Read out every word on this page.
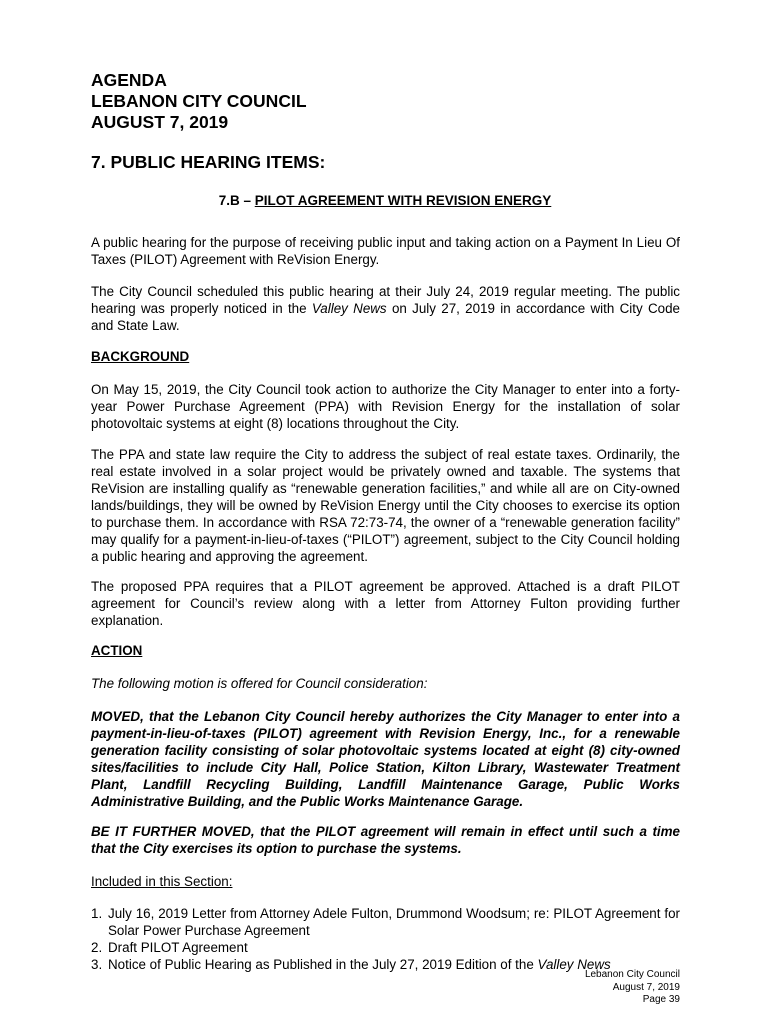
AGENDA
LEBANON CITY COUNCIL
AUGUST 7, 2019
7. PUBLIC HEARING ITEMS:
7.B – PILOT AGREEMENT WITH REVISION ENERGY
A public hearing for the purpose of receiving public input and taking action on a Payment In Lieu Of Taxes (PILOT) Agreement with ReVision Energy.
The City Council scheduled this public hearing at their July 24, 2019 regular meeting. The public hearing was properly noticed in the Valley News on July 27, 2019 in accordance with City Code and State Law.
BACKGROUND
On May 15, 2019, the City Council took action to authorize the City Manager to enter into a forty-year Power Purchase Agreement (PPA) with Revision Energy for the installation of solar photovoltaic systems at eight (8) locations throughout the City.
The PPA and state law require the City to address the subject of real estate taxes. Ordinarily, the real estate involved in a solar project would be privately owned and taxable. The systems that ReVision are installing qualify as “renewable generation facilities,” and while all are on City-owned lands/buildings, they will be owned by ReVision Energy until the City chooses to exercise its option to purchase them. In accordance with RSA 72:73-74, the owner of a “renewable generation facility” may qualify for a payment-in-lieu-of-taxes (“PILOT”) agreement, subject to the City Council holding a public hearing and approving the agreement.
The proposed PPA requires that a PILOT agreement be approved. Attached is a draft PILOT agreement for Council’s review along with a letter from Attorney Fulton providing further explanation.
ACTION
The following motion is offered for Council consideration:
MOVED, that the Lebanon City Council hereby authorizes the City Manager to enter into a payment-in-lieu-of-taxes (PILOT) agreement with Revision Energy, Inc., for a renewable generation facility consisting of solar photovoltaic systems located at eight (8) city-owned sites/facilities to include City Hall, Police Station, Kilton Library, Wastewater Treatment Plant, Landfill Recycling Building, Landfill Maintenance Garage, Public Works Administrative Building, and the Public Works Maintenance Garage.
BE IT FURTHER MOVED, that the PILOT agreement will remain in effect until such a time that the City exercises its option to purchase the systems.
Included in this Section:
1. July 16, 2019 Letter from Attorney Adele Fulton, Drummond Woodsum; re: PILOT Agreement for Solar Power Purchase Agreement
2. Draft PILOT Agreement
3. Notice of Public Hearing as Published in the July 27, 2019 Edition of the Valley News
Lebanon City Council
August 7, 2019
Page 39
